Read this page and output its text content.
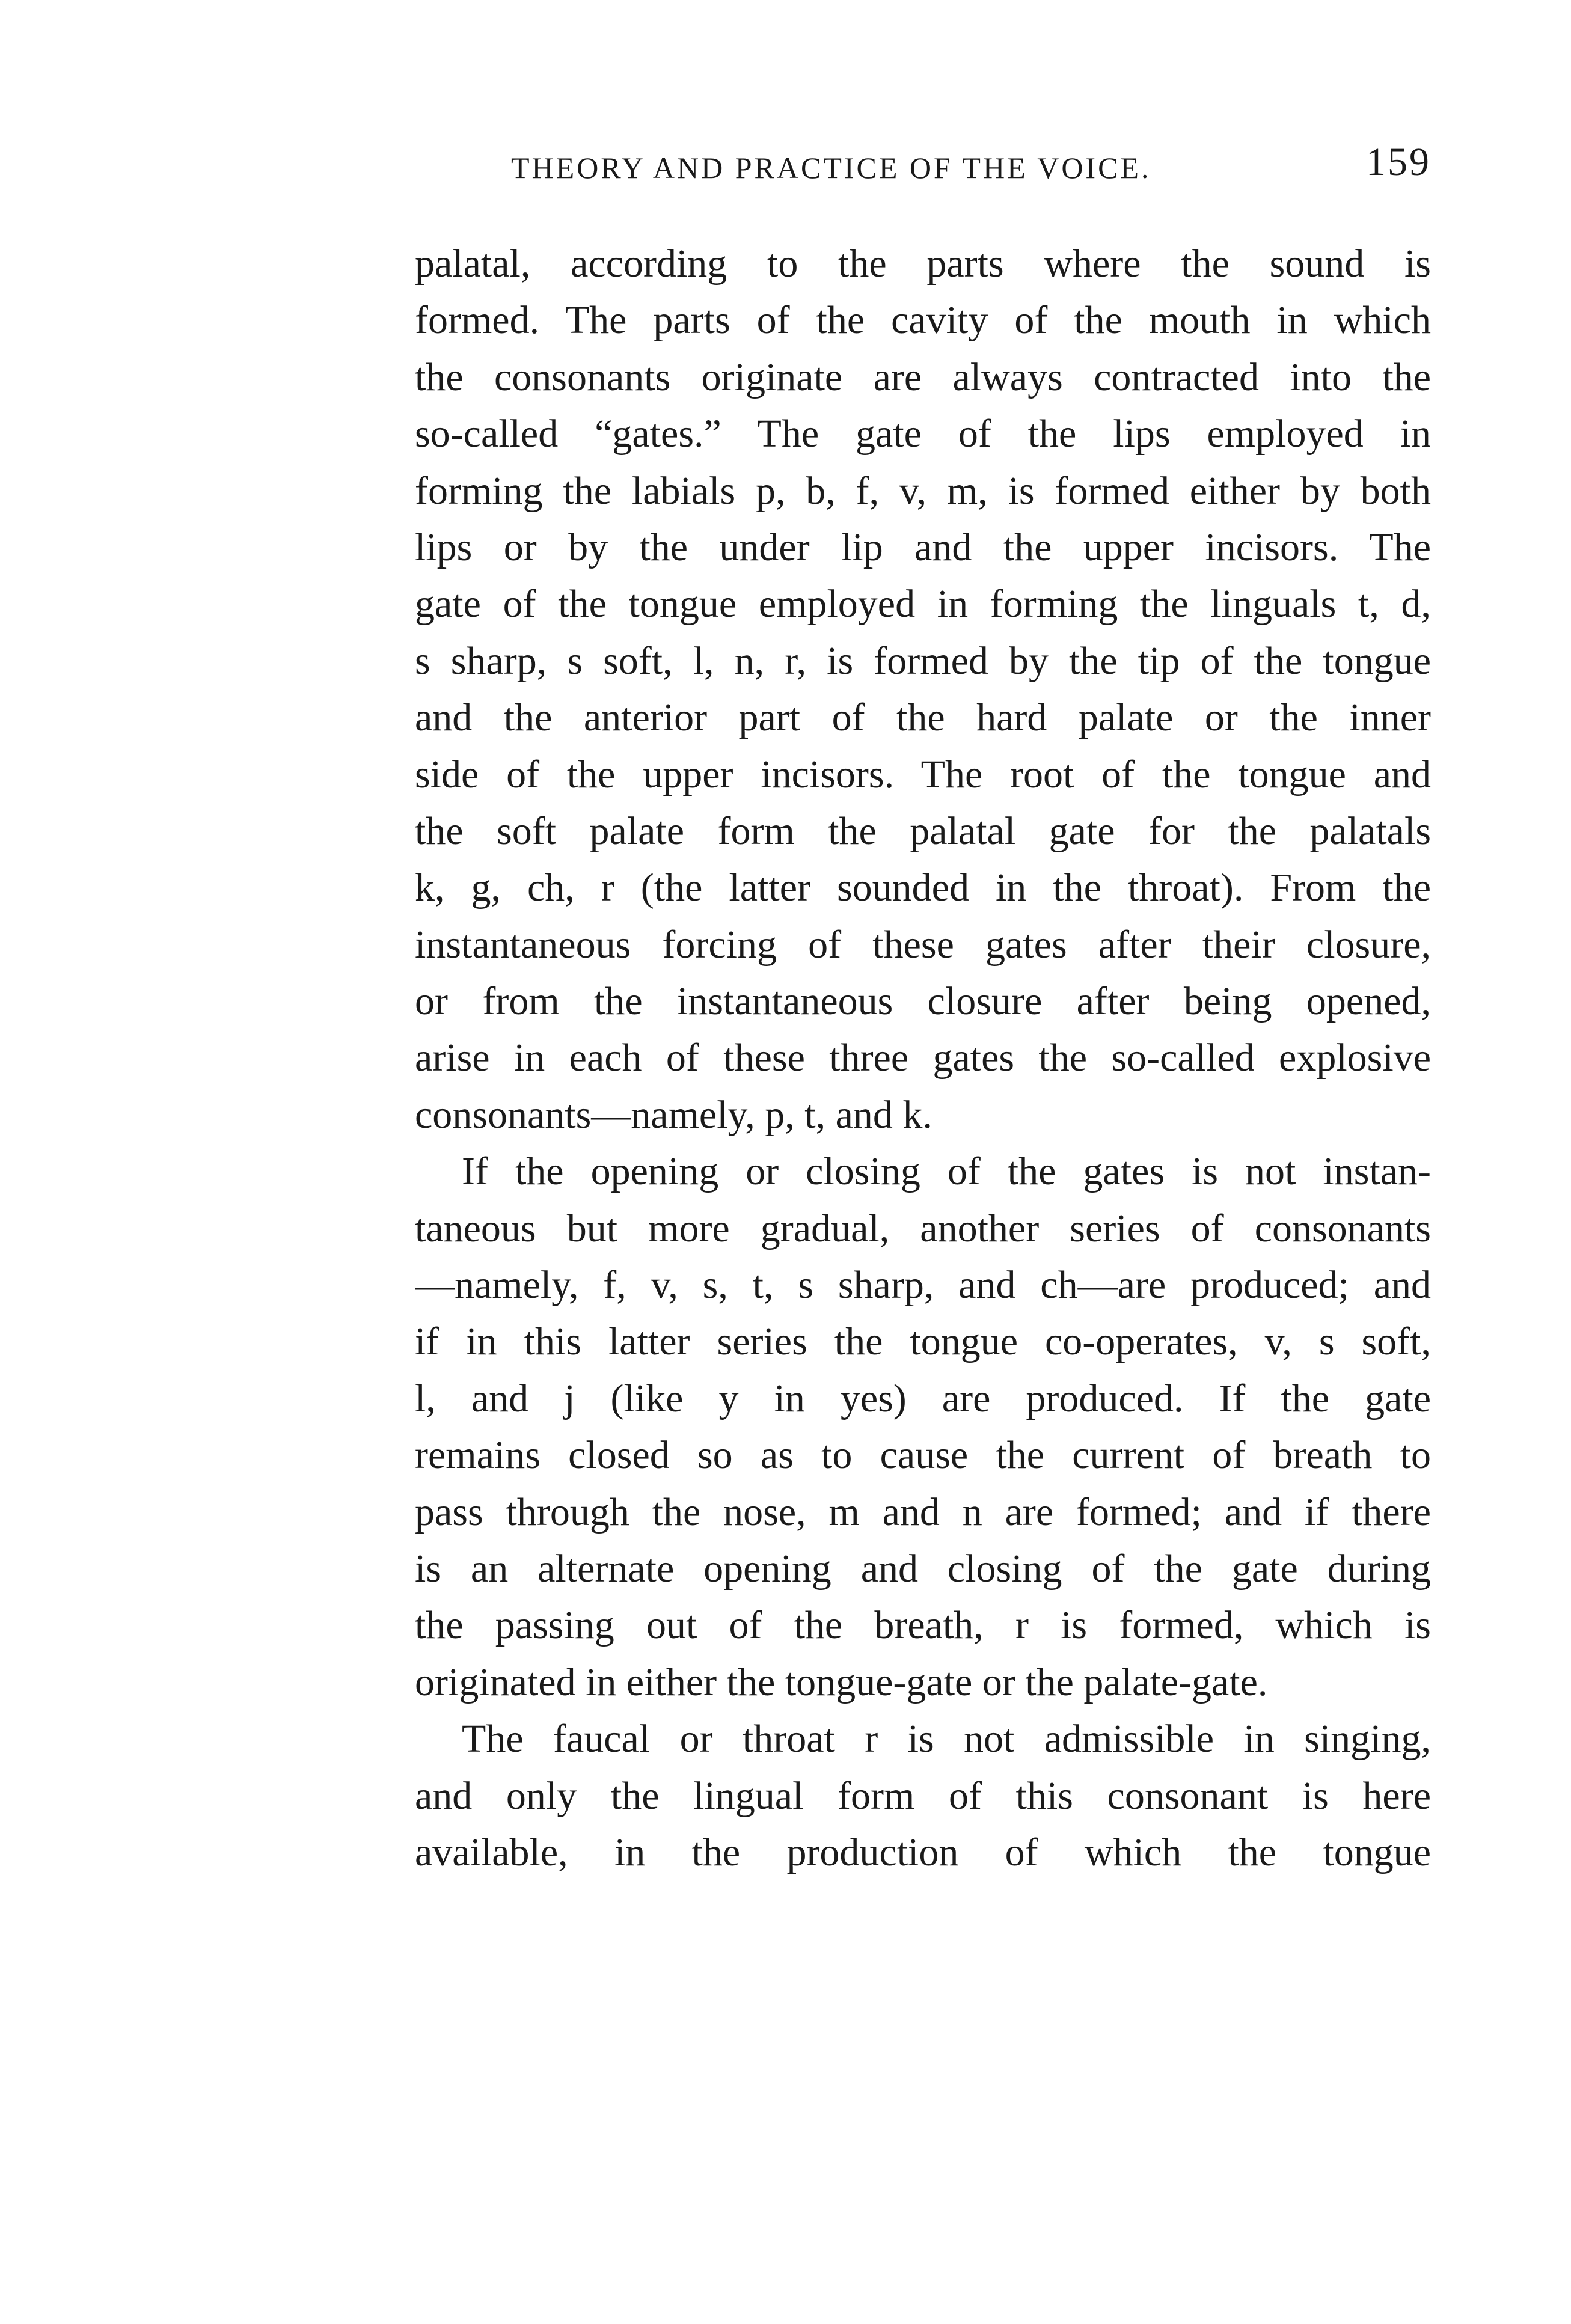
THEORY AND PRACTICE OF THE VOICE.	159
palatal, according to the parts where the sound is
formed. The parts of the cavity of the mouth in which
the consonants originate are always contracted into the
so-called “gates.” The gate of the lips employed in
forming the labials p, b, f, v, m, is formed either by both
lips or by the under lip and the upper incisors. The
gate of the tongue employed in forming the linguals t, d,
s sharp, s soft, l, n, r, is formed by the tip of the tongue
and the anterior part of the hard palate or the inner
side of the upper incisors. The root of the tongue and
the soft palate form the palatal gate for the palatals
k, g, ch, r (the latter sounded in the throat). From the
instantaneous forcing of these gates after their closure,
or from the instantaneous closure after being opened,
arise in each of these three gates the so-called explosive
consonants—namely, p, t, and k.
If the opening or closing of the gates is not instan-
taneous but more gradual, another series of consonants
—namely, f, v, s, t, s sharp, and ch—are produced; and
if in this latter series the tongue co-operates, v, s soft,
l, and j (like y in yes) are produced. If the gate
remains closed so as to cause the current of breath to
pass through the nose, m and n are formed; and if there
is an alternate opening and closing of the gate during
the passing out of the breath, r is formed, which is
originated in either the tongue-gate or the palate-gate.
The faucal or throat r is not admissible in singing,
and only the lingual form of this consonant is here
available, in the production of which the tongue
